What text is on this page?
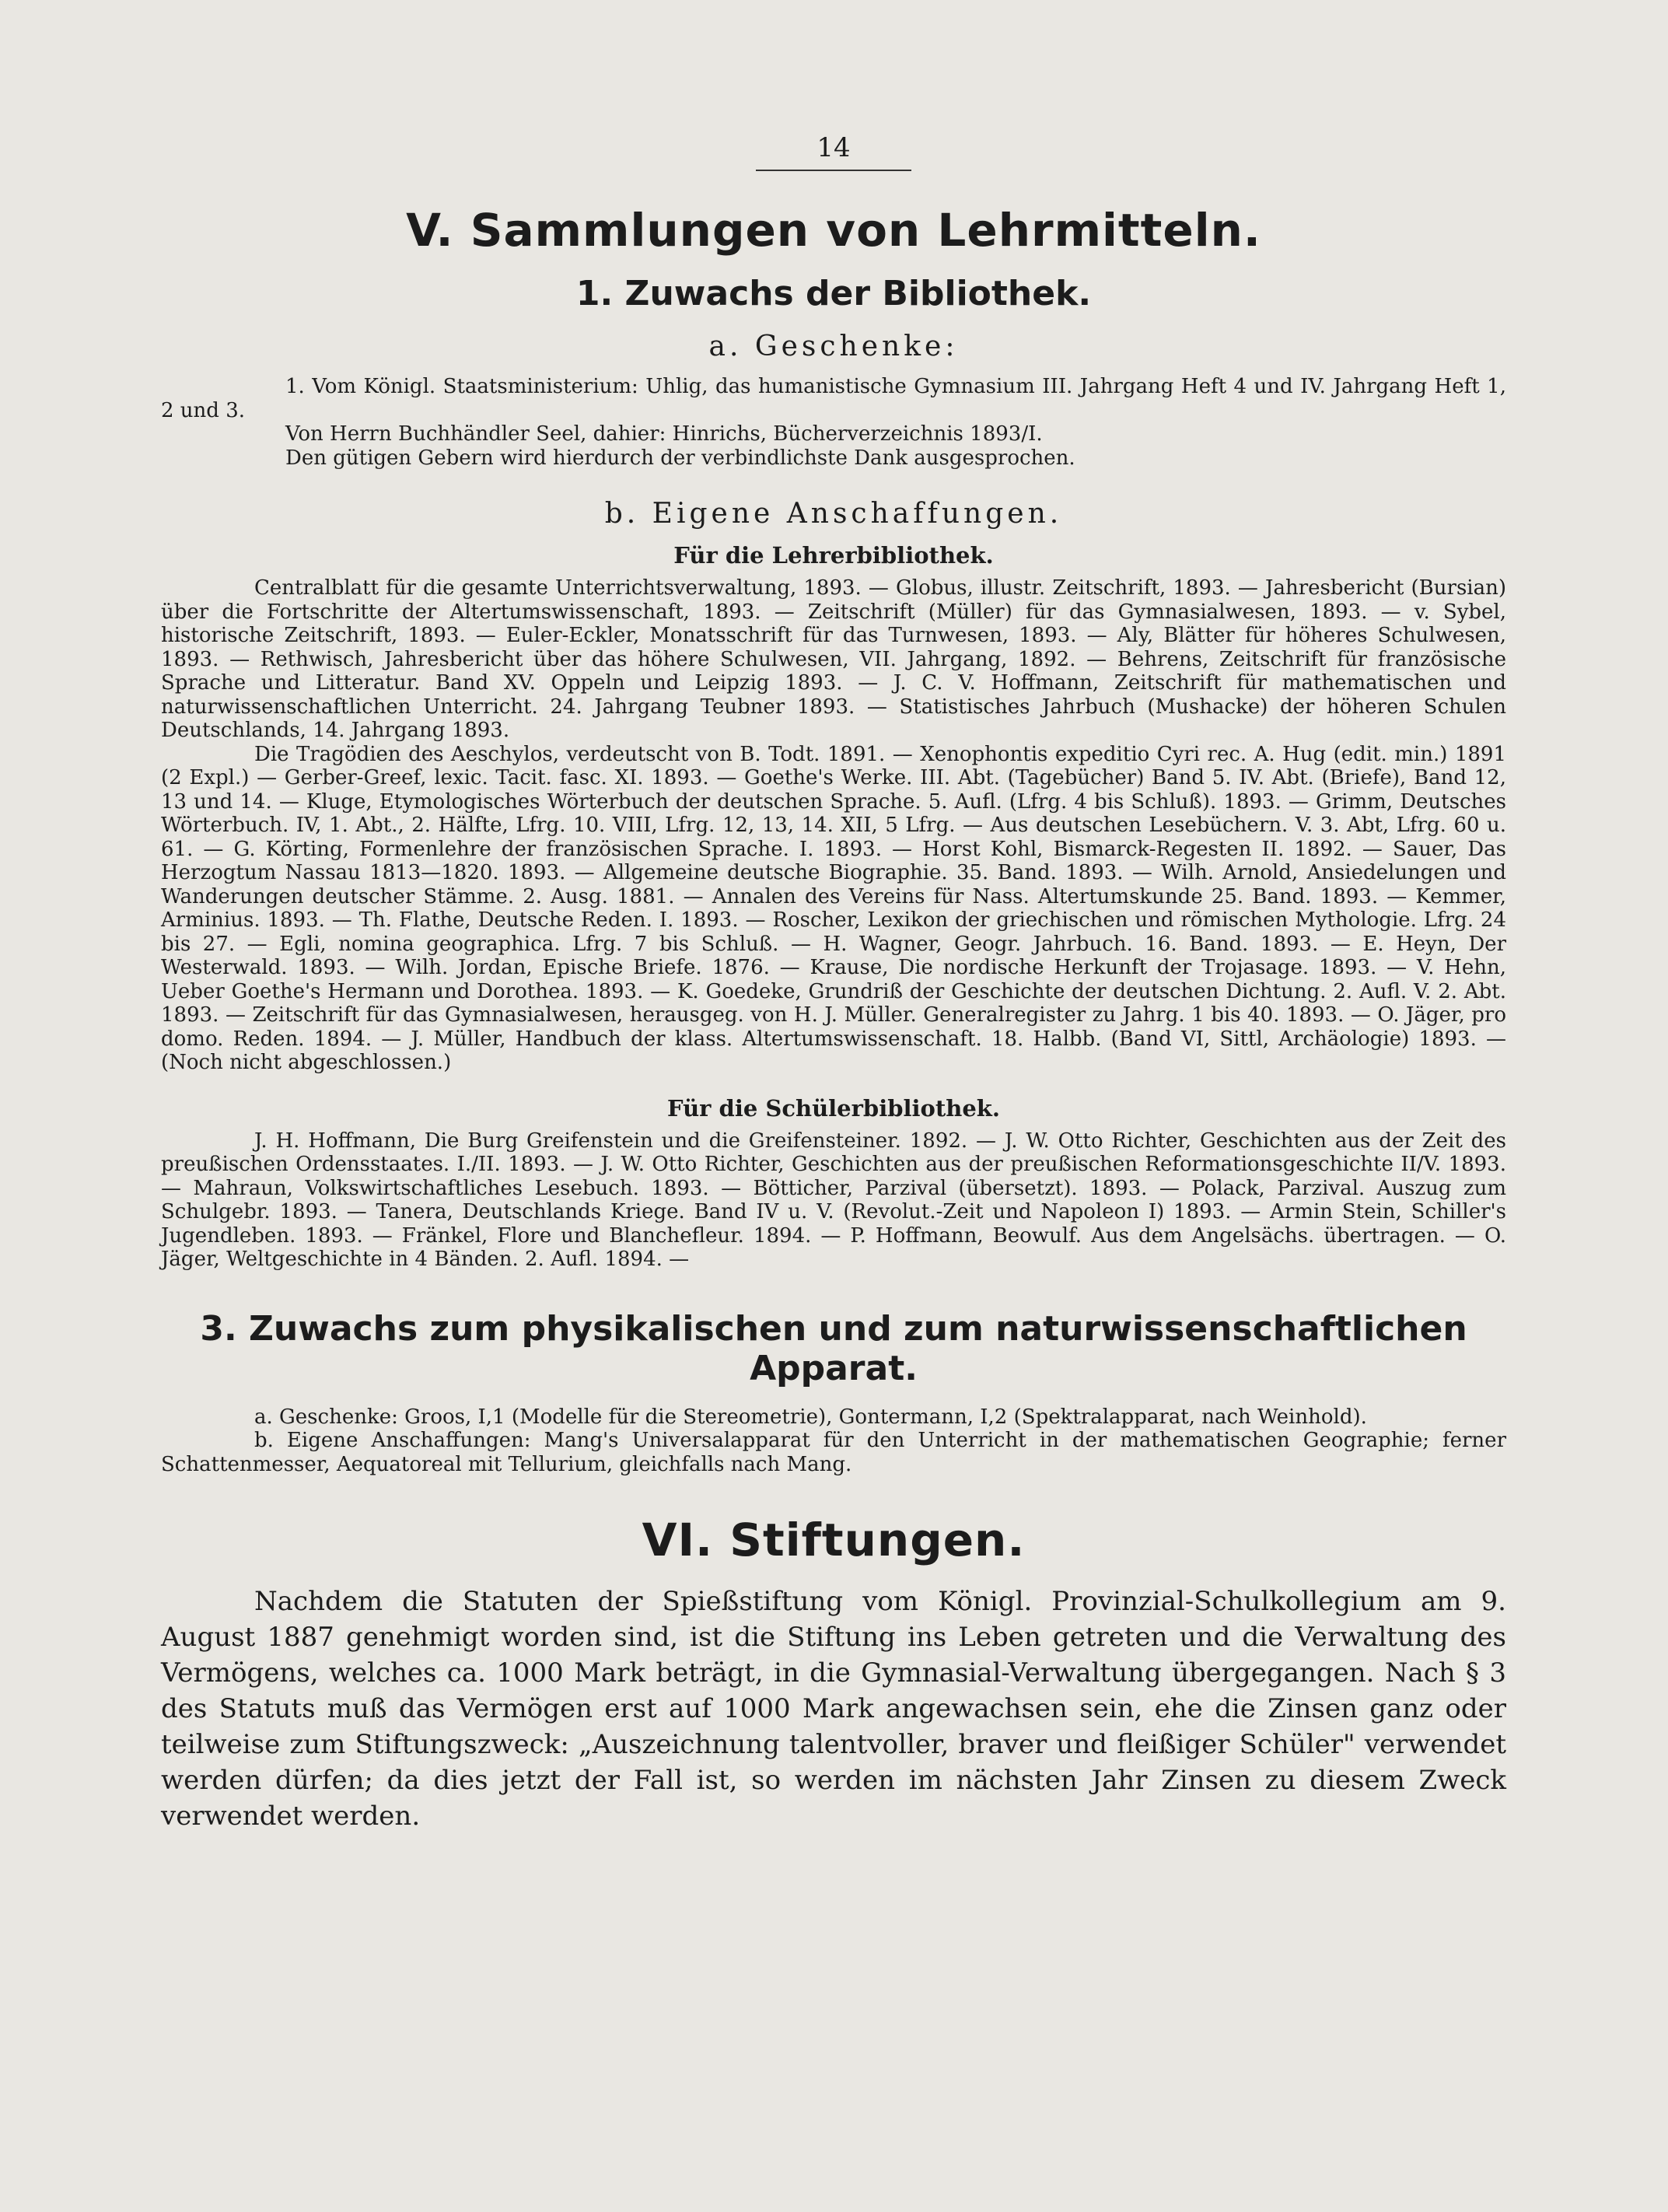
14
V. Sammlungen von Lehrmitteln.
1. Zuwachs der Bibliothek.
a. Geschenke:

1. Vom Königl. Staatsministerium: Uhlig, das humanistische Gymnasium III. Jahrgang Heft 4 und IV. Jahrgang Heft 1, 2 und 3.

Von Herrn Buchhändler Seel, dahier: Hinrichs, Bücherverzeichnis 1893/I.

Den gütigen Gebern wird hierdurch der verbindlichste Dank ausgesprochen.

b. Eigene Anschaffungen.
Für die Lehrerbibliothek.

Centralblatt für die gesamte Unterrichtsverwaltung, 1893. — Globus, illustr. Zeitschrift, 1893. — Jahresbericht (Bursian) über die Fortschritte der Altertumswissenschaft, 1893. — Zeitschrift (Müller) für das Gymnasialwesen, 1893. — v. Sybel, historische Zeitschrift, 1893. — Euler-Eckler, Monatsschrift für das Turnwesen, 1893. — Aly, Blätter für höheres Schulwesen, 1893. — Rethwisch, Jahresbericht über das höhere Schulwesen, VII. Jahrgang, 1892. — Behrens, Zeitschrift für französische Sprache und Litteratur. Band XV. Oppeln und Leipzig 1893. — J. C. V. Hoffmann, Zeitschrift für mathematischen und naturwissenschaftlichen Unterricht. 24. Jahrgang Teubner 1893. — Statistisches Jahrbuch (Mushacke) der höheren Schulen Deutschlands, 14. Jahrgang 1893.

Die Tragödien des Aeschylos, verdeutscht von B. Todt. 1891. — Xenophontis expeditio Cyri rec. A. Hug (edit. min.) 1891 (2 Expl.) — Gerber-Greef, lexic. Tacit. fasc. XI. 1893. — Goethe's Werke. III. Abt. (Tagebücher) Band 5. IV. Abt. (Briefe), Band 12, 13 und 14. — Kluge, Etymologisches Wörterbuch der deutschen Sprache. 5. Aufl. (Lfrg. 4 bis Schluß). 1893. — Grimm, Deutsches Wörterbuch. IV, 1. Abt., 2. Hälfte, Lfrg. 10. VIII, Lfrg. 12, 13, 14. XII, 5 Lfrg. — Aus deutschen Lesebüchern. V. 3. Abt, Lfrg. 60 u. 61. — G. Körting, Formenlehre der französischen Sprache. I. 1893. — Horst Kohl, Bismarck-Regesten II. 1892. — Sauer, Das Herzogtum Nassau 1813—1820. 1893. — Allgemeine deutsche Biographie. 35. Band. 1893. — Wilh. Arnold, Ansiedelungen und Wanderungen deutscher Stämme. 2. Ausg. 1881. — Annalen des Vereins für Nass. Altertumskunde 25. Band. 1893. — Kemmer, Arminius. 1893. — Th. Flathe, Deutsche Reden. I. 1893. — Roscher, Lexikon der griechischen und römischen Mythologie. Lfrg. 24 bis 27. — Egli, nomina geographica. Lfrg. 7 bis Schluß. — H. Wagner, Geogr. Jahrbuch. 16. Band. 1893. — E. Heyn, Der Westerwald. 1893. — Wilh. Jordan, Epische Briefe. 1876. — Krause, Die nordische Herkunft der Trojasage. 1893. — V. Hehn, Ueber Goethe's Hermann und Dorothea. 1893. — K. Goedeke, Grundriß der Geschichte der deutschen Dichtung. 2. Aufl. V. 2. Abt. 1893. — Zeitschrift für das Gymnasialwesen, herausgeg. von H. J. Müller. Generalregister zu Jahrg. 1 bis 40. 1893. — O. Jäger, pro domo. Reden. 1894. — J. Müller, Handbuch der klass. Altertumswissenschaft. 18. Halbb. (Band VI, Sittl, Archäologie) 1893. — (Noch nicht abgeschlossen.)

Für die Schülerbibliothek.

J. H. Hoffmann, Die Burg Greifenstein und die Greifensteiner. 1892. — J. W. Otto Richter, Geschichten aus der Zeit des preußischen Ordensstaates. I./II. 1893. — J. W. Otto Richter, Geschichten aus der preußischen Reformationsgeschichte II/V. 1893. — Mahraun, Volkswirtschaftliches Lesebuch. 1893. — Bötticher, Parzival (übersetzt). 1893. — Polack, Parzival. Auszug zum Schulgebr. 1893. — Tanera, Deutschlands Kriege. Band IV u. V. (Revolut.-Zeit und Napoleon I) 1893. — Armin Stein, Schiller's Jugendleben. 1893. — Fränkel, Flore und Blanchefleur. 1894. — P. Hoffmann, Beowulf. Aus dem Angelsächs. übertragen. — O. Jäger, Weltgeschichte in 4 Bänden. 2. Aufl. 1894. —

3. Zuwachs zum physikalischen und zum naturwissenschaftlichen Apparat.

a. Geschenke: Groos, I,1 (Modelle für die Stereometrie), Gontermann, I,2 (Spektralapparat, nach Weinhold).

b. Eigene Anschaffungen: Mang's Universalapparat für den Unterricht in der mathematischen Geographie; ferner Schattenmesser, Aequatoreal mit Tellurium, gleichfalls nach Mang.

VI. Stiftungen.

Nachdem die Statuten der Spießstiftung vom Königl. Provinzial-Schulkollegium am 9. August 1887 genehmigt worden sind, ist die Stiftung ins Leben getreten und die Verwaltung des Vermögens, welches ca. 1000 Mark beträgt, in die Gymnasial-Verwaltung übergegangen. Nach § 3 des Statuts muß das Vermögen erst auf 1000 Mark angewachsen sein, ehe die Zinsen ganz oder teilweise zum Stiftungszweck: „Auszeichnung talentvoller, braver und fleißiger Schüler" verwendet werden dürfen; da dies jetzt der Fall ist, so werden im nächsten Jahr Zinsen zu diesem Zweck verwendet werden.
